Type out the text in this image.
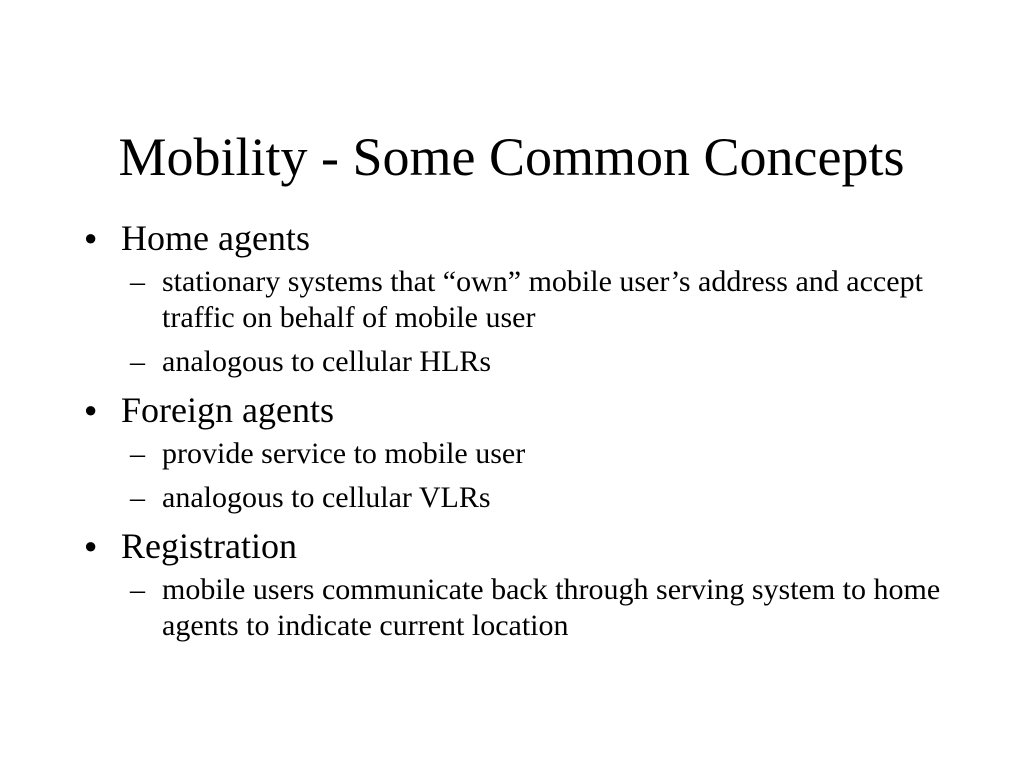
Mobility - Some Common Concepts

● Home agents

– stationary systems that “own” mobile user’s address and accept traffic on behalf of mobile user

– analogous to cellular HLRs

● Foreign agents

– provide service to mobile user

– analogous to cellular VLRs

● Registration

– mobile users communicate back through serving system to home agents to indicate current location
